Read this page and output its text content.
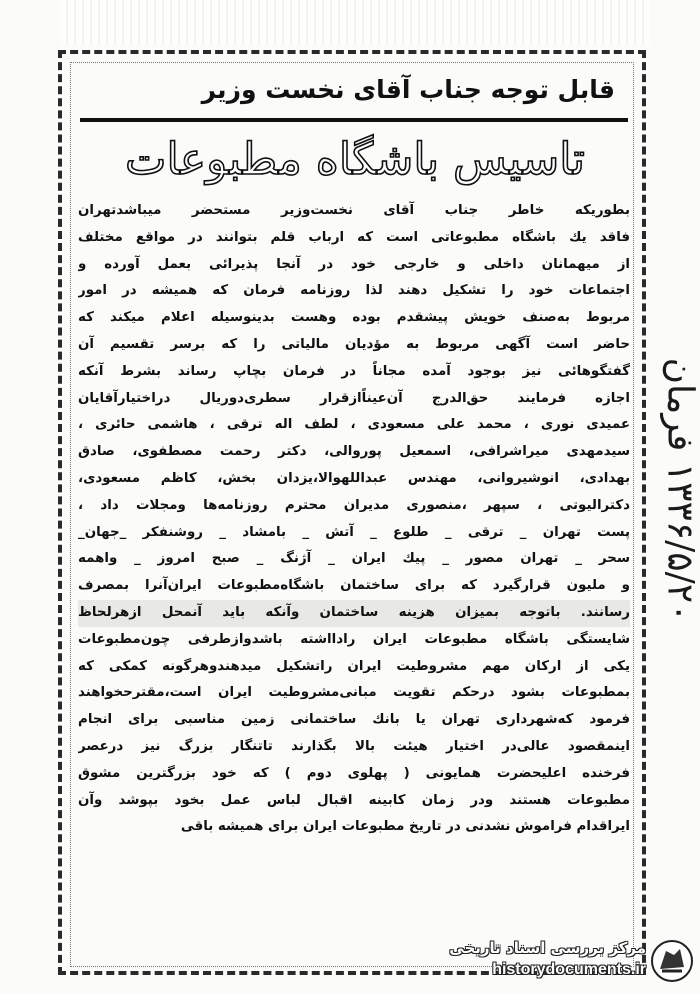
قابل توجه جناب آقای نخست وزیر
تاسیس باشگاه مطبوعات
بطوریکه خاطر جناب آقای نخست‌وزیر مستحضر میباشدتهران
فاقد یك باشگاه مطبوعاتی است که ارباب قلم بتوانند در مواقع مختلف
از میهمانان داخلی و خارجی خود در آنجا پذیرائی بعمل آورده و
اجتماعات خود را تشکیل دهند لذا روزنامه فرمان که همیشه در امور
مربوط به‌صنف خویش پیشقدم بوده وهست بدینوسیله اعلام میکند که
حاضر است آگهی مربوط به مؤدیان مالیاتی را که برسر تقسیم آن
گفتگوهائی نیز بوجود آمده مجاناً در فرمان بچاپ رساند بشرط آنکه
اجازه فرمایند حق‌الدرج آن‌عیناًازقرار سطری‌دوریال دراختیارآقایان
عمیدی نوری ، محمد علی مسعودی ، لطف اله ترقی ، هاشمی حائری ،
سیدمهدی میراشرافی، اسمعیل پوروالی، دکتر رحمت مصطفوی، صادق
بهدادی، انوشیروانی، مهندس عبداللهوالا،یزدان بخش، کاظم مسعودی،
دکترالیوتی ، سپهر ،منصوری مدیران محترم روزنامه‌ها ومجلات داد ،
پست تهران _ ترقی _ طلوع _ آتش _ بامشاد _ روشنفکر _جهان_
سحر _ تهران مصور _ پیك ایران _ آژنگ _ صبح امروز _ واهمه
و ملیون قرارگیرد که برای ساختمان باشگاه‌مطبوعات ایران‌آنرا بمصرف
رسانند. باتوجه بمیزان هزینه ساختمان وآنکه باید آنمحل ازهرلحاظ
شایستگی باشگاه مطبوعات ایران رادااشته باشدوازطرفی چون‌مطبوعات
یکی از ارکان مهم مشروطیت ایران راتشکیل میدهندوهرگونه کمکی که
بمطبوعات بشود درحکم تقویت مبانی‌مشروطیت ایران است،مقترحخواهند
فرمود که‌شهرداری تهران یا بانك ساختمانی زمین مناسبی برای انجام
اینمقصود عالی‌در اختیار هیئت بالا بگذارند تاتنگار بزرگ نیز درعصر
فرخنده اعلیحضرت همایونی ( پهلوی دوم ) که خود بزرگترین مشوق
مطبوعات هستند ودر زمان کابینه اقبال لباس عمل بخود بپوشد وآن
ایراقدام فراموش نشدنی در تاریخ مطبوعات ایران برای همیشه باقی
۱۳۳۶/۵/۲۰ فرمان
مرکز بررسی اسناد تاریخی
historydocuments.ir
